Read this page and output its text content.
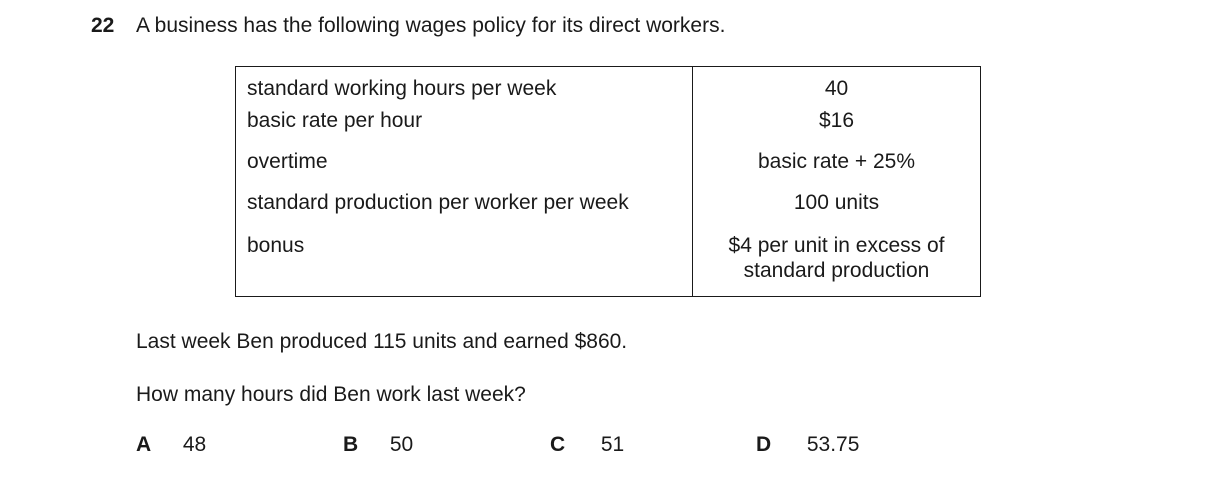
22 A business has the following wages policy for its direct workers.
standard working hours per week	40
basic rate per hour	$16
overtime	basic rate + 25%
standard production per worker per week	100 units
bonus	$4 per unit in excess of
standard production
Last week Ben produced 115 units and earned $860.
How many hours did Ben work last week?
A 48	B 50	C 51	D 53.75
